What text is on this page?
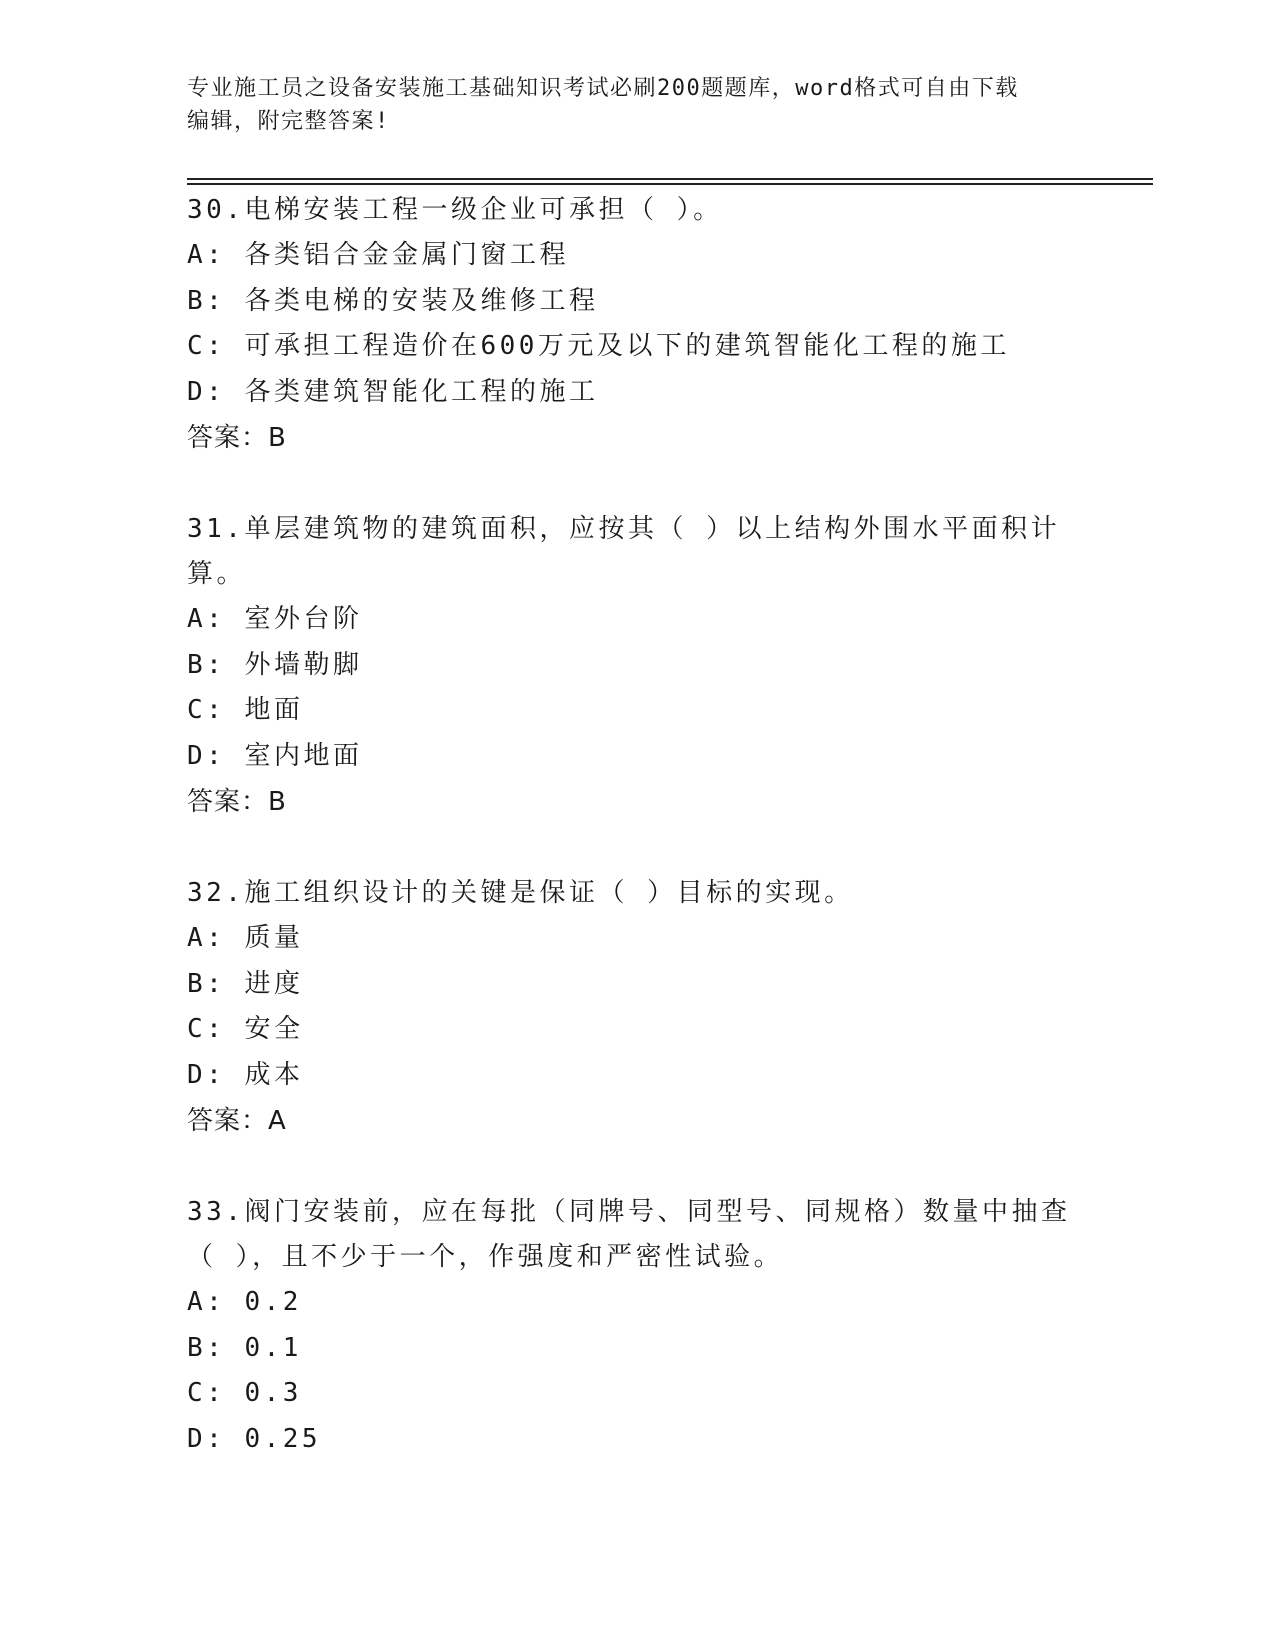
专业施工员之设备安装施工基础知识考试必刷200题题库，word格式可自由下载
编辑，附完整答案!
30.电梯安装工程一级企业可承担（ ）。
A: 各类铝合金金属门窗工程
B: 各类电梯的安装及维修工程
C: 可承担工程造价在600万元及以下的建筑智能化工程的施工
D: 各类建筑智能化工程的施工
答案：B
31.单层建筑物的建筑面积，应按其（ ）以上结构外围水平面积计算。
A: 室外台阶
B: 外墙勒脚
C: 地面
D: 室内地面
答案：B
32.施工组织设计的关键是保证（ ）目标的实现。
A: 质量
B: 进度
C: 安全
D: 成本
答案：A
33.阀门安装前，应在每批（同牌号、同型号、同规格）数量中抽查（ ），且不少于一个，作强度和严密性试验。
A: 0.2
B: 0.1
C: 0.3
D: 0.25
